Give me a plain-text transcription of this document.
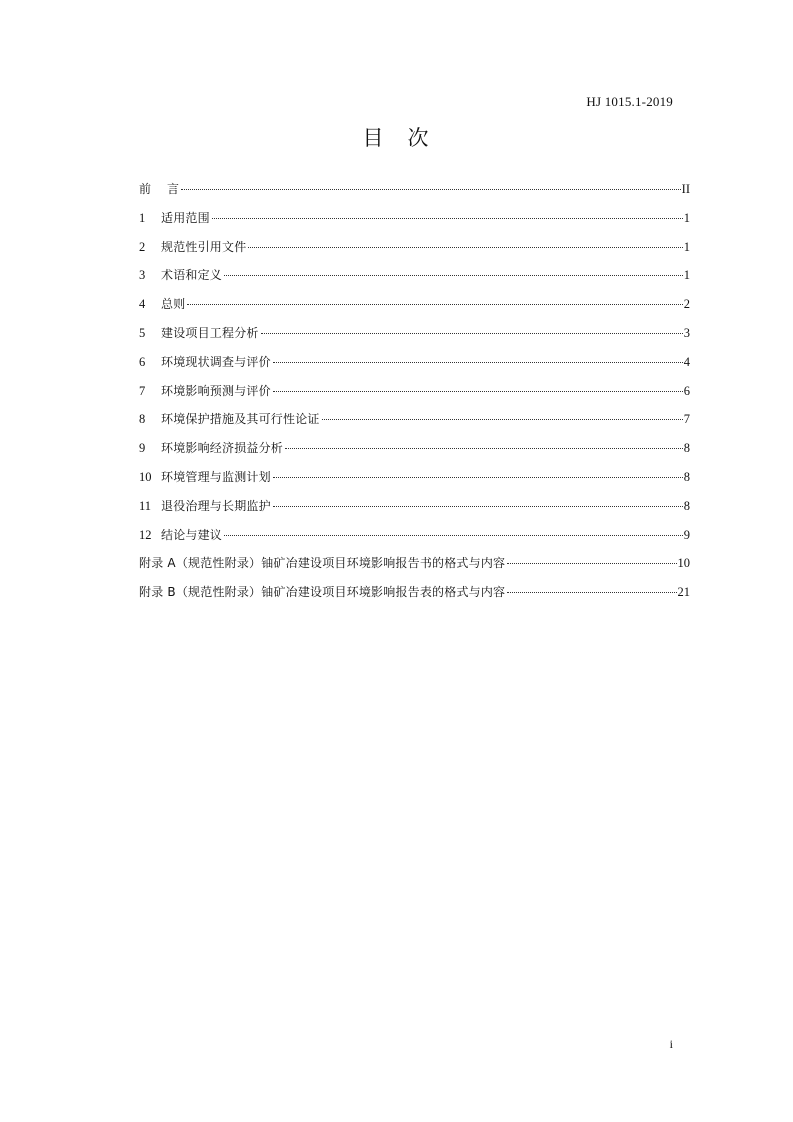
HJ 1015.1-2019
目 次
前 言	II
1	适用范围	1
2	规范性引用文件	1
3	术语和定义	1
4	总则	2
5	建设项目工程分析	3
6	环境现状调查与评价	4
7	环境影响预测与评价	6
8	环境保护措施及其可行性论证	7
9	环境影响经济损益分析	8
10 环境管理与监测计划	8
11 退役治理与长期监护	8
12 结论与建议	9
附录 A（规范性附录）铀矿冶建设项目环境影响报告书的格式与内容	10
附录 B（规范性附录）铀矿冶建设项目环境影响报告表的格式与内容	21
i
